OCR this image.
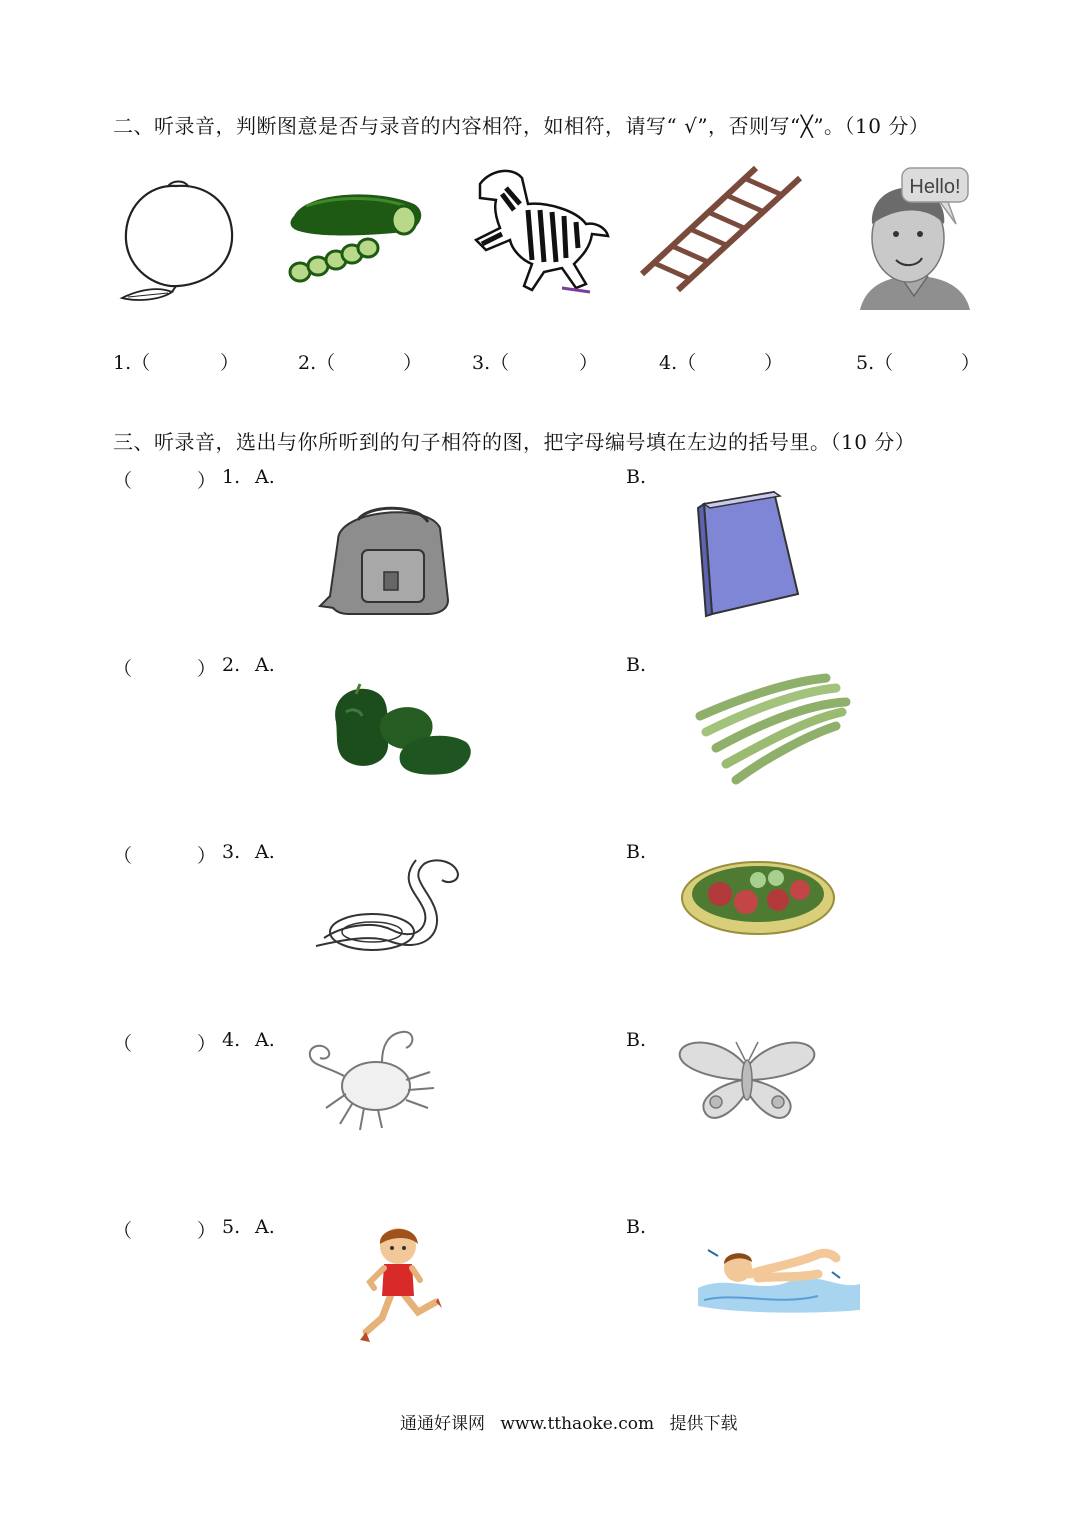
二、听录音，判断图意是否与录音的内容相符，如相符，请写“ √”，否则写“╳”。（10 分）
Hello!
1.（	）	2.（	）	3.（	）	4.（	）	5.（	）
三、听录音，选出与你所听到的句子相符的图，把字母编号填在左边的括号里。（10 分）
（	） 1. A.	B.
（	） 2. A.	B.
（	） 3. A.	B.
（	） 4. A.	B.
（	） 5. A.	B.
通通好课网 www.tthaoke.com 提供下载
